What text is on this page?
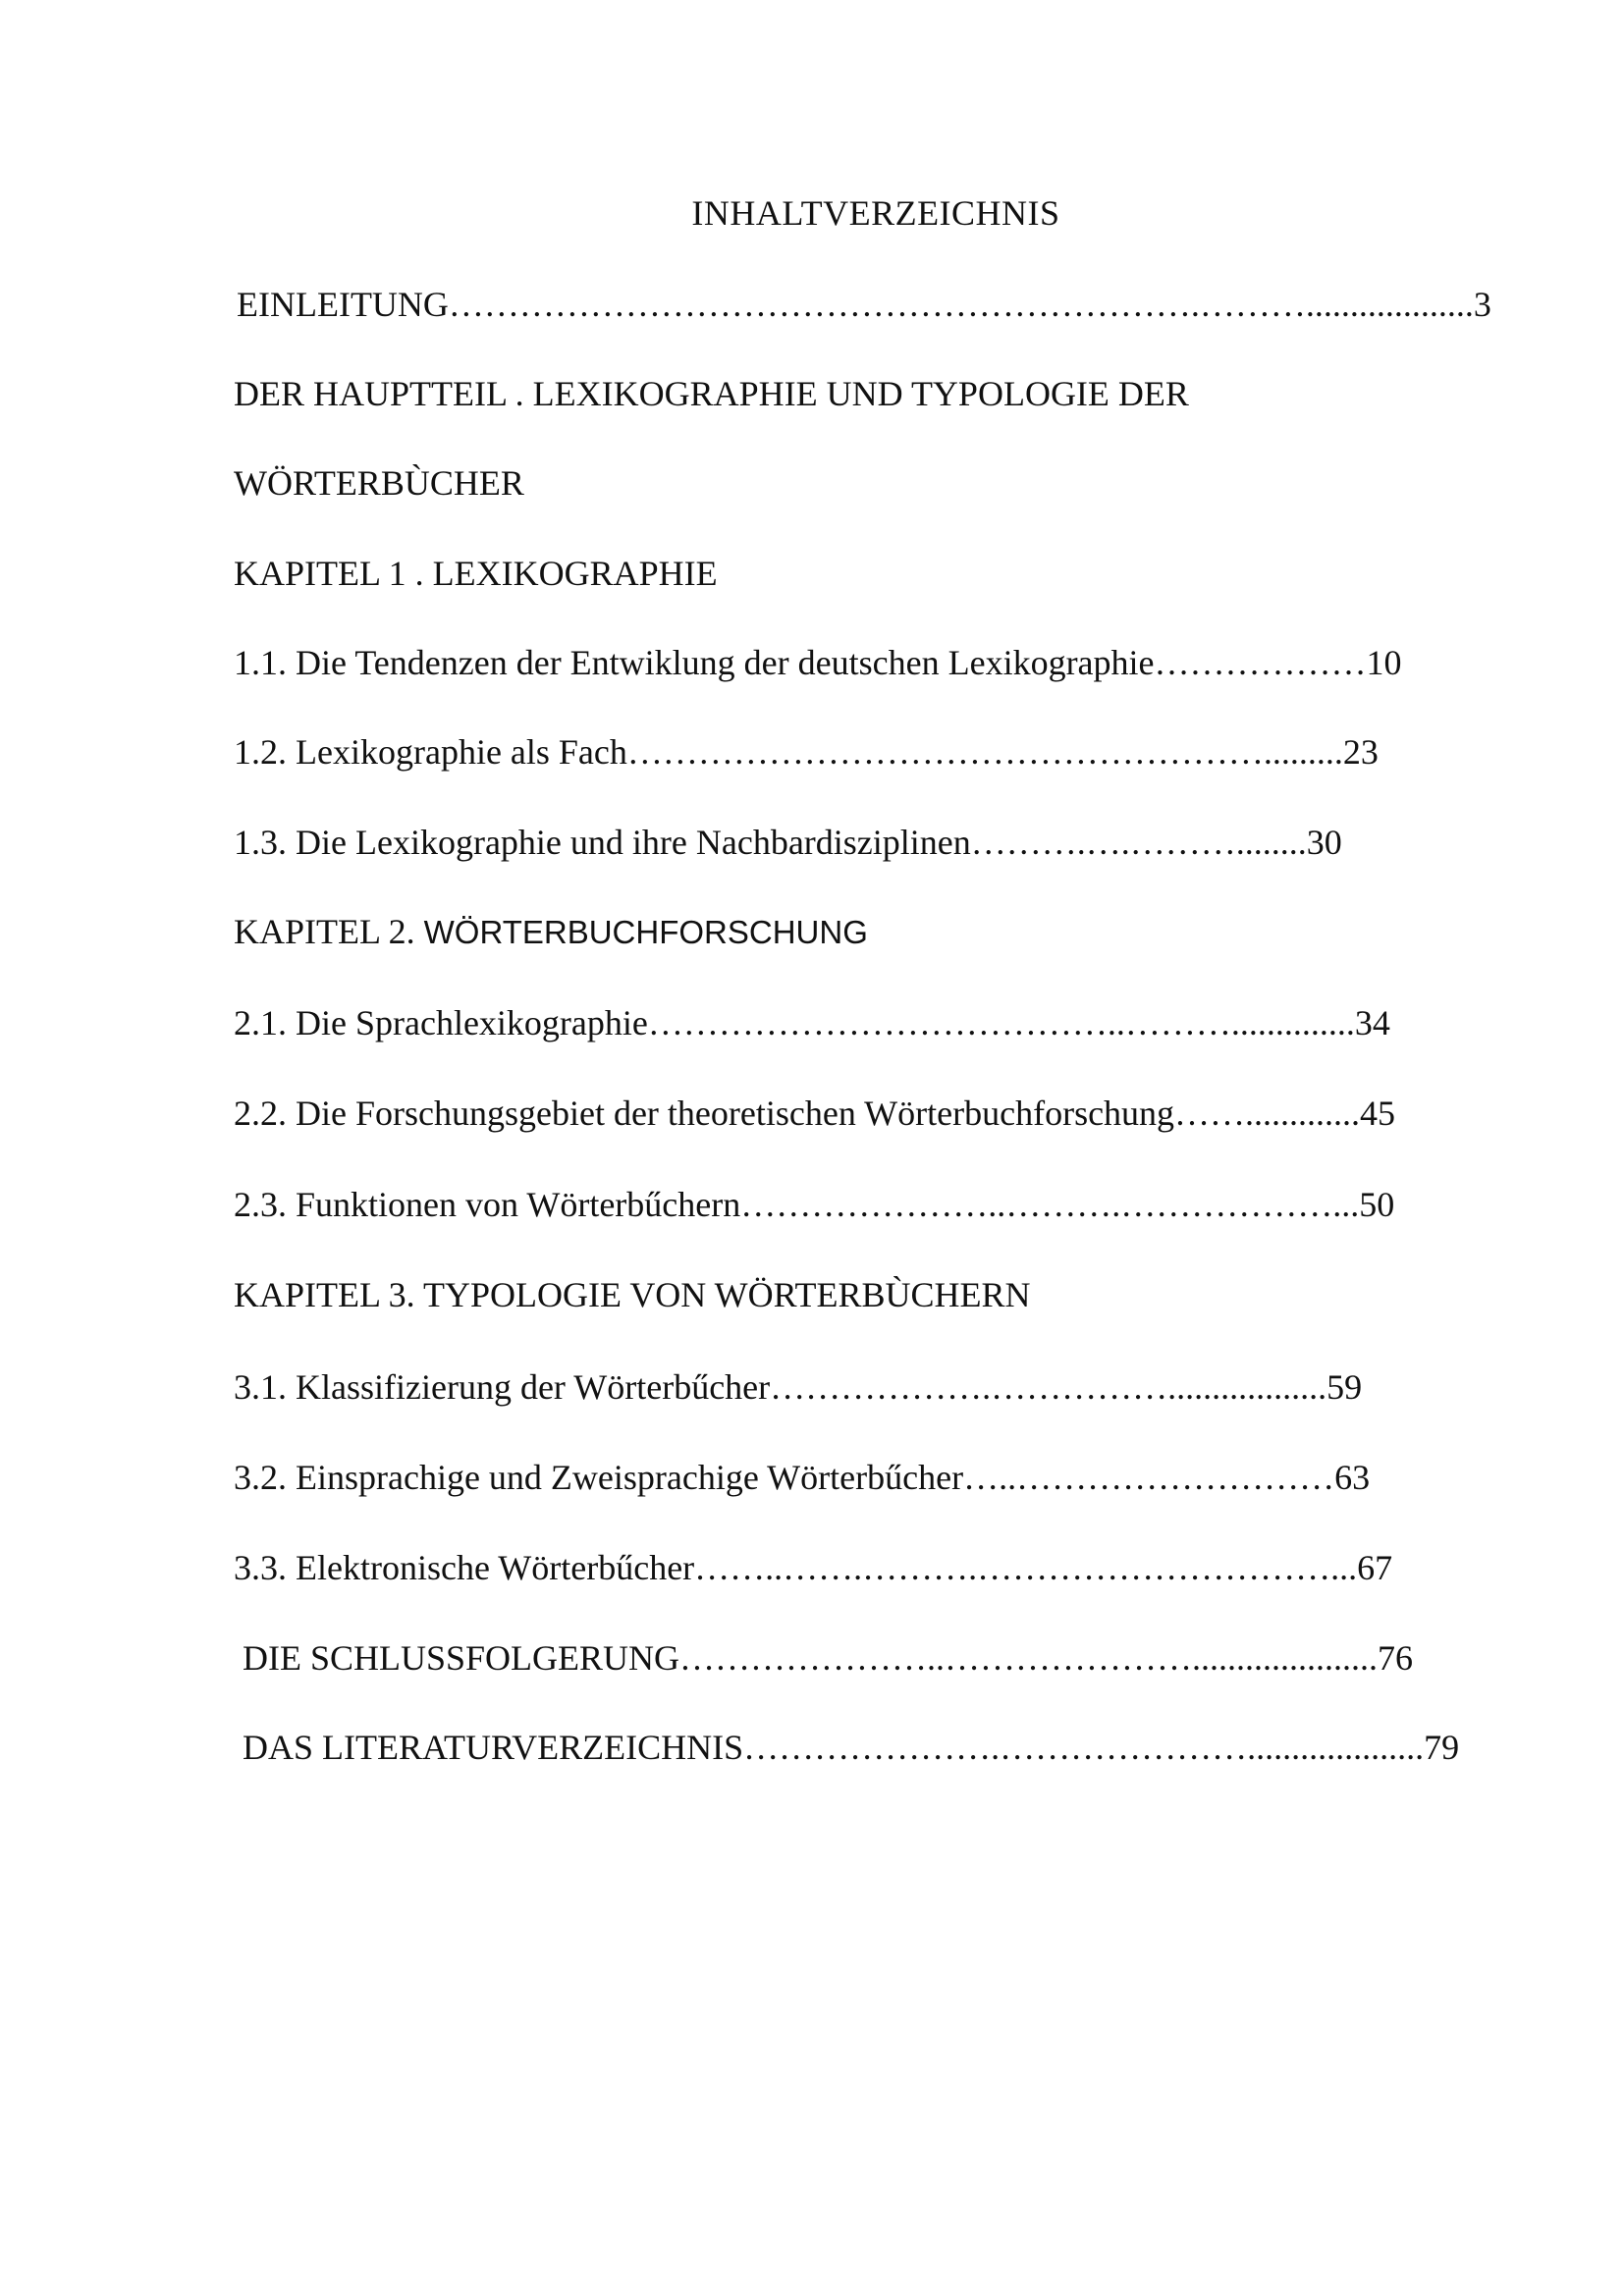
INHALTVERZEICHNIS
EINLEITUNG……………………………………………………….………...................3
DER HAUPTTEIL . LEXIKOGRAPHIE UND TYPOLOGIE DER
WÖRTERBÙCHER
KAPITEL 1 . LEXIKOGRAPHIE
1.1. Die Tendenzen der Entwiklung der deutschen Lexikographie………………10
1.2. Lexikographie als Fach……………………………………………….........23
1.3. Die Lexikographie und ihre Nachbardisziplinen……….….………........30
KAPITEL 2. WÖRTERBUCHFORSCHUNG
2.1. Die Sprachlexikographie…………………………………..………..............34
2.2. Die Forschungsgebiet der theoretischen Wörterbuchforschung…….............45
2.3. Funktionen von Wörterbűchern…………………..……….………………...50
KAPITEL 3. TYPOLOGIE VON WÖRTERBÙCHERN
3.1. Klassifizierung der Wörterbűcher……………….……………..................59
3.2. Einsprachige und Zweisprachige Wörterbűcher…..………………………63
3.3. Elektronische Wörterbűcher……..…….……….…………………………...67
DIE SCHLUSSFOLGERUNG…………………..………………….....................76
DAS LITERATURVERZEICHNIS………………….…………………....................79
